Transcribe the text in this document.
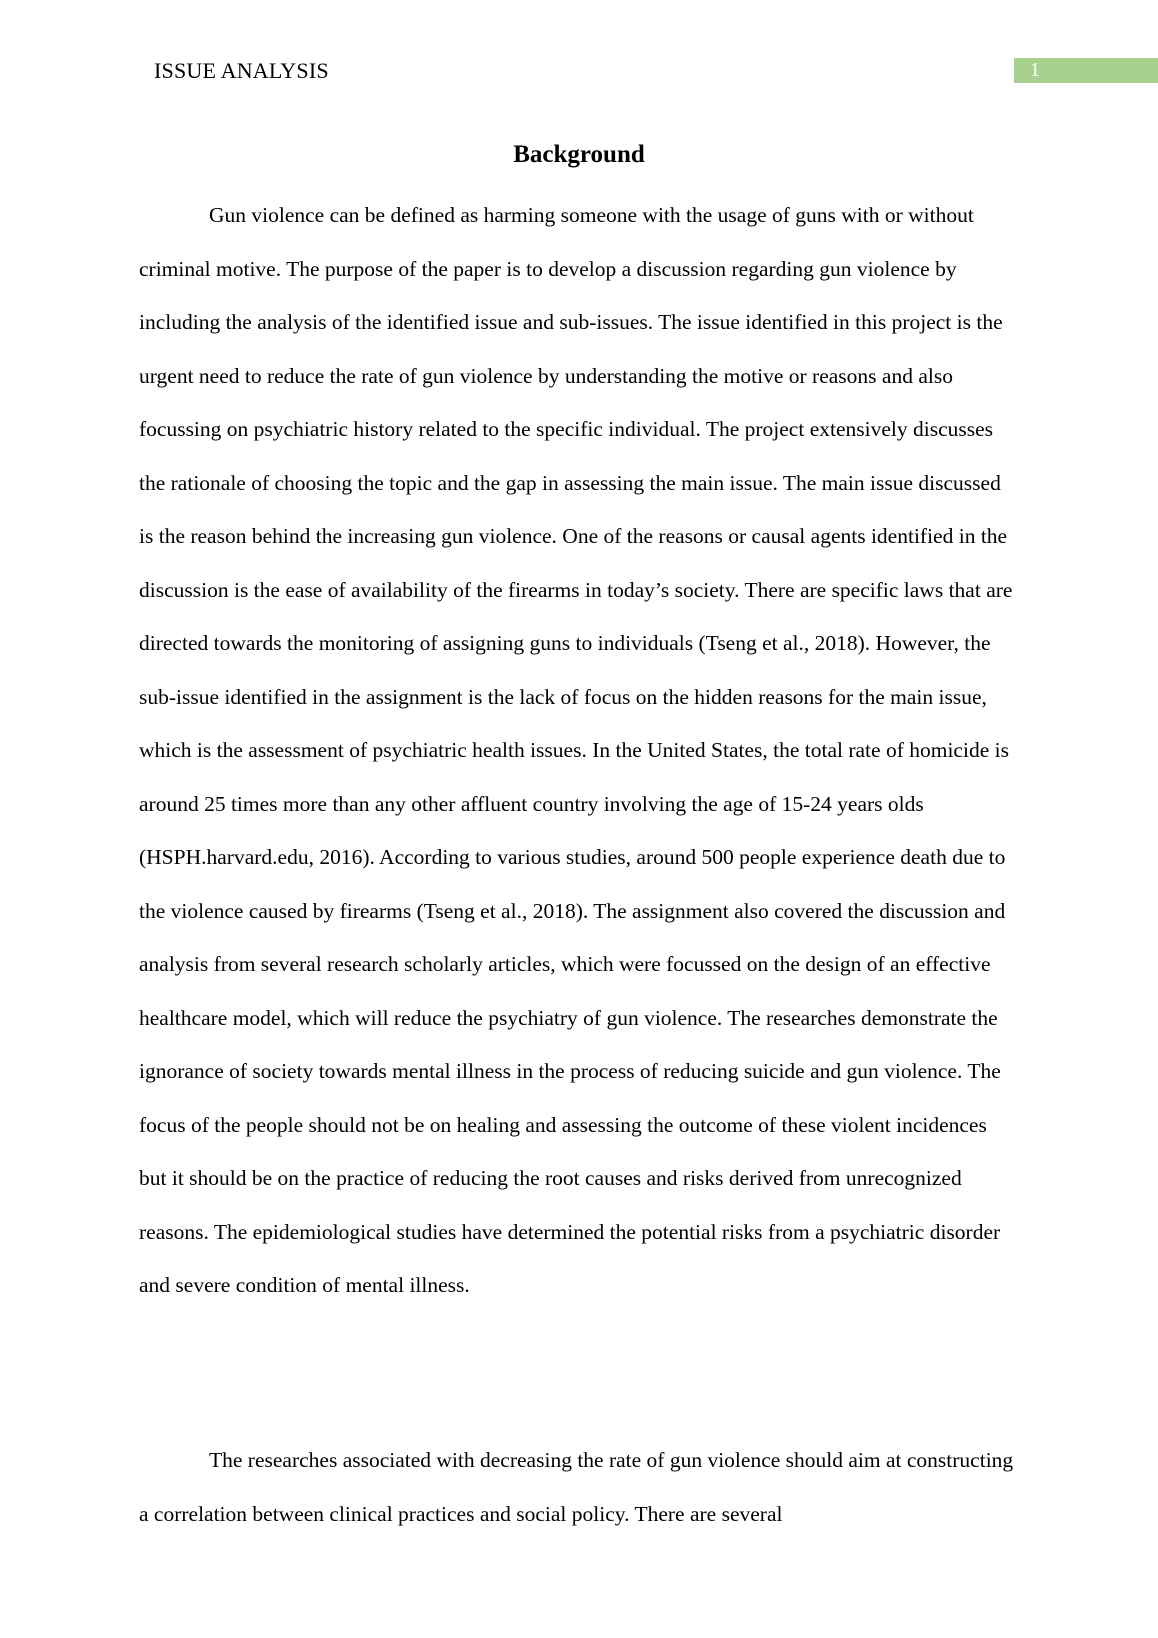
ISSUE ANALYSIS	1
Background

Gun violence can be defined as harming someone with the usage of guns with or without criminal motive. The purpose of the paper is to develop a discussion regarding gun violence by including the analysis of the identified issue and sub-issues. The issue identified in this project is the urgent need to reduce the rate of gun violence by understanding the motive or reasons and also focussing on psychiatric history related to the specific individual. The project extensively discusses the rationale of choosing the topic and the gap in assessing the main issue. The main issue discussed is the reason behind the increasing gun violence. One of the reasons or causal agents identified in the discussion is the ease of availability of the firearms in today’s society. There are specific laws that are directed towards the monitoring of assigning guns to individuals (Tseng et al., 2018). However, the sub-issue identified in the assignment is the lack of focus on the hidden reasons for the main issue, which is the assessment of psychiatric health issues. In the United States, the total rate of homicide is around 25 times more than any other affluent country involving the age of 15-24 years olds (HSPH.harvard.edu, 2016). According to various studies, around 500 people experience death due to the violence caused by firearms (Tseng et al., 2018). The assignment also covered the discussion and analysis from several research scholarly articles, which were focussed on the design of an effective healthcare model, which will reduce the psychiatry of gun violence. The researches demonstrate the ignorance of society towards mental illness in the process of reducing suicide and gun violence. The focus of the people should not be on healing and assessing the outcome of these violent incidences but it should be on the practice of reducing the root causes and risks derived from unrecognized reasons. The epidemiological studies have determined the potential risks from a psychiatric disorder and severe condition of mental illness.

The researches associated with decreasing the rate of gun violence should aim at constructing a correlation between clinical practices and social policy. There are several
